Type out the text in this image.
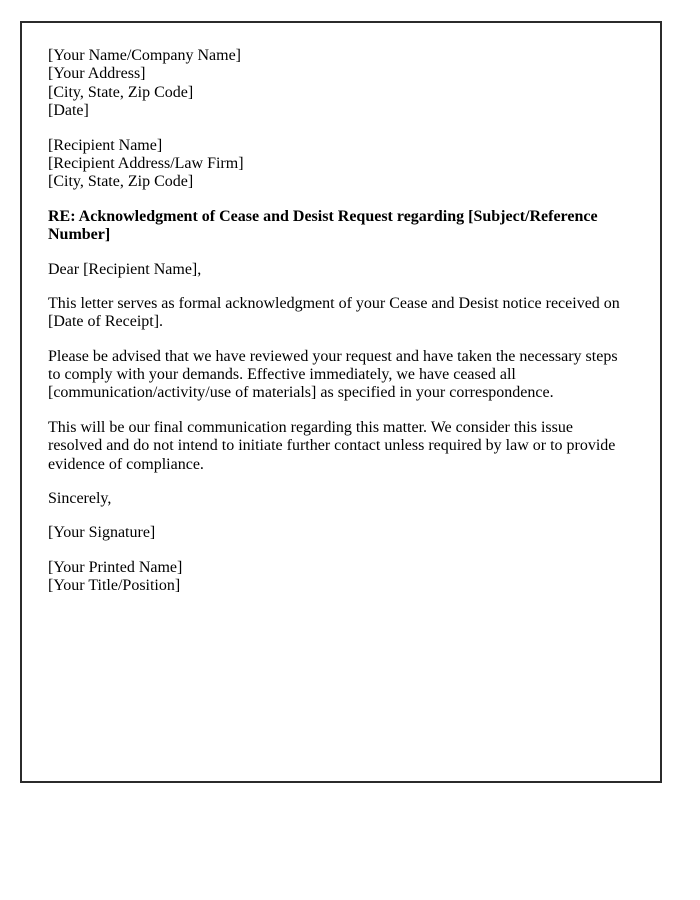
[Your Name/Company Name]

[Your Address]

[City, State, Zip Code]

[Date]

[Recipient Name]

[Recipient Address/Law Firm]

[City, State, Zip Code]

RE: Acknowledgment of Cease and Desist Request regarding [Subject/Reference Number]

Dear [Recipient Name],

This letter serves as formal acknowledgment of your Cease and Desist notice received on [Date of Receipt].

Please be advised that we have reviewed your request and have taken the necessary steps to comply with your demands. Effective immediately, we have ceased all [communication/activity/use of materials] as specified in your correspondence.

This will be our final communication regarding this matter. We consider this issue resolved and do not intend to initiate further contact unless required by law or to provide evidence of compliance.

Sincerely,

[Your Signature]

[Your Printed Name]

[Your Title/Position]
